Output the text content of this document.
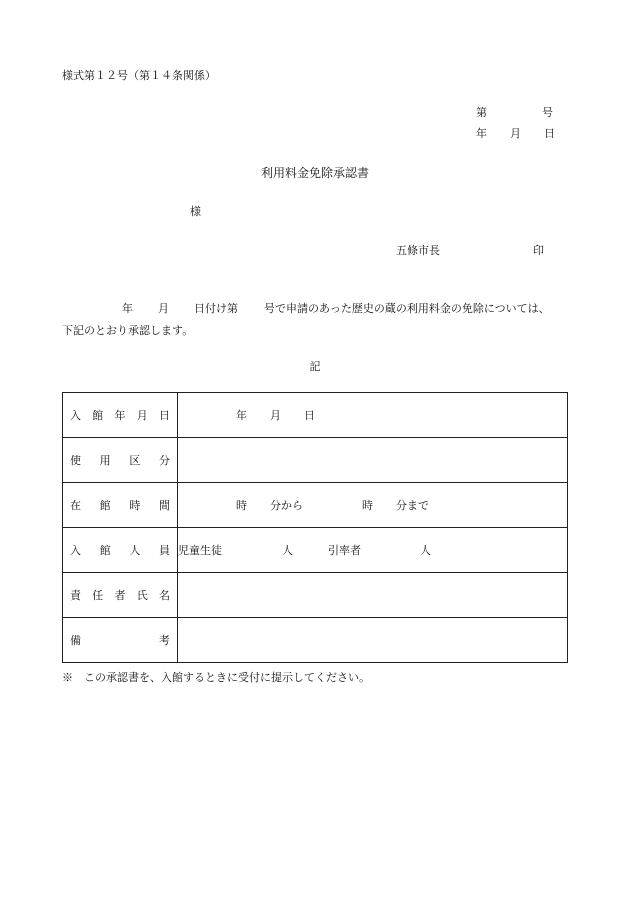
様式第１２号（第１４条関係）
第	号
年 月 日
利用料金免除承認書
様
五條市長	印
年 月 日付け第 号で申請のあった歴史の蔵の利用料金の免除については、
下記のとおり承認します。
記
入 館 年 月 日	年 月 日

使 用 区 分	

在 館 時 間	時 分から 時 分まで

入 館 人 員	児童生徒 人 引率者 人

責 任 者 氏 名	

備 考	

※　この承認書を、入館するときに受付に提示してください。
